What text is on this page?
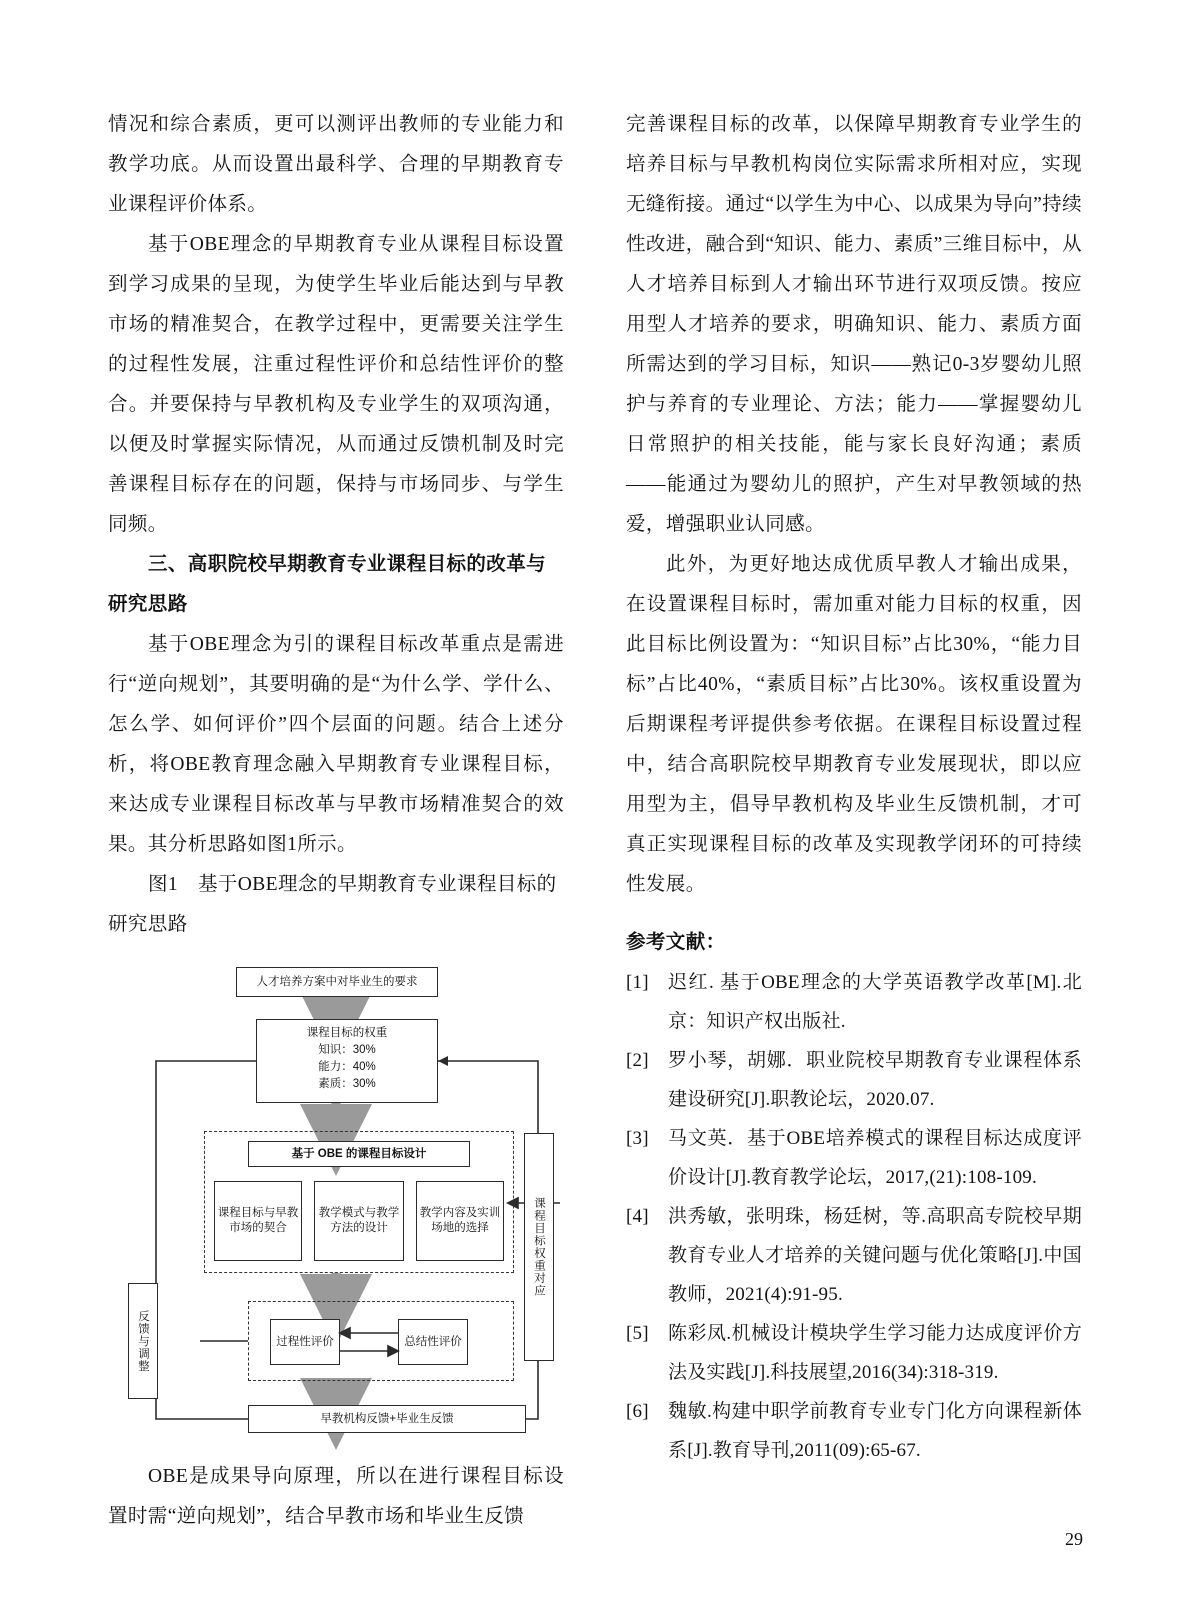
情况和综合素质，更可以测评出教师的专业能力和教学功底。从而设置出最科学、合理的早期教育专业课程评价体系。

基于OBE理念的早期教育专业从课程目标设置到学习成果的呈现，为使学生毕业后能达到与早教市场的精准契合，在教学过程中，更需要关注学生的过程性发展，注重过程性评价和总结性评价的整合。并要保持与早教机构及专业学生的双项沟通，以便及时掌握实际情况，从而通过反馈机制及时完善课程目标存在的问题，保持与市场同步、与学生同频。

三、高职院校早期教育专业课程目标的改革与研究思路

基于OBE理念为引的课程目标改革重点是需进行“逆向规划”，其要明确的是“为什么学、学什么、怎么学、如何评价”四个层面的问题。结合上述分析，将OBE教育理念融入早期教育专业课程目标，来达成专业课程目标改革与早教市场精准契合的效果。其分析思路如图1所示。

图1　基于OBE理念的早期教育专业课程目标的研究思路

人才培养方案中对毕业生的要求
课程目标的权重
知识：30%
能力：40%
素质：30%
基于 OBE 的课程目标设计
课程目标与早教市场的契合
教学模式与教学方法的设计
教学内容及实训场地的选择
过程性评价	总结性评价
早教机构反馈+毕业生反馈
反馈与调整
课程目标权重对应

OBE是成果导向原理，所以在进行课程目标设置时需“逆向规划”，结合早教市场和毕业生反馈

完善课程目标的改革，以保障早期教育专业学生的培养目标与早教机构岗位实际需求所相对应，实现无缝衔接。通过“以学生为中心、以成果为导向”持续性改进，融合到“知识、能力、素质”三维目标中，从人才培养目标到人才输出环节进行双项反馈。按应用型人才培养的要求，明确知识、能力、素质方面所需达到的学习目标，知识——熟记0-3岁婴幼儿照护与养育的专业理论、方法；能力——掌握婴幼儿日常照护的相关技能，能与家长良好沟通；素质——能通过为婴幼儿的照护，产生对早教领域的热爱，增强职业认同感。

此外，为更好地达成优质早教人才输出成果，在设置课程目标时，需加重对能力目标的权重，因此目标比例设置为：“知识目标”占比30%，“能力目标”占比40%，“素质目标”占比30%。该权重设置为后期课程考评提供参考依据。在课程目标设置过程中，结合高职院校早期教育专业发展现状，即以应用型为主，倡导早教机构及毕业生反馈机制，才可真正实现课程目标的改革及实现教学闭环的可持续性发展。

参考文献：

[1]	迟红. 基于OBE理念的大学英语教学改革[M].北京：知识产权出版社.
[2]	罗小琴，胡娜．职业院校早期教育专业课程体系建设研究[J].职教论坛，2020.07.
[3]	马文英．基于OBE培养模式的课程目标达成度评价设计[J].教育教学论坛，2017,(21):108-109.
[4]	洪秀敏，张明珠，杨廷树，等.高职高专院校早期教育专业人才培养的关键问题与优化策略[J].中国教师，2021(4):91-95.
[5]	陈彩凤.机械设计模块学生学习能力达成度评价方法及实践[J].科技展望,2016(34):318-319.
[6]	魏敏.构建中职学前教育专业专门化方向课程新体系[J].教育导刊,2011(09):65-67.
29
